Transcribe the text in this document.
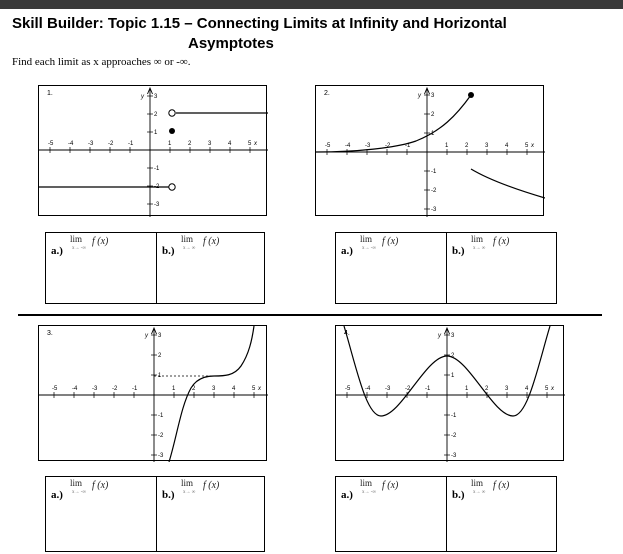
Skill Builder: Topic 1.15 – Connecting Limits at Infinity and Horizontal
Asymptotes
Find each limit as x approaches ∞ or -∞.
1.
-5 -4 -3 -2 -1	1	2	3	4	5 x
3
2
1
-1
-2
-3
y	2.
-5 -4 -3 -2 -1	1	2	3	4	5 x
3
2
1
-1
-2
-3
y
a.)
lim
x→ -∞
f (x)
b.)
lim
x→ ∞
f (x)
a.)
lim
x→ -∞
f (x)
b.)
lim
x→ ∞
f (x)
3.
-5 -4 -3 -2 -1	1	2	3	4	5 x
3
2
1
-1
-2
-3
y	4.
-5 -4 -3 -2 -1	1	2	3	4	5 x
3
2
1
-1
-2
-3
y
a.)
lim
x→ -∞
f (x)
b.)
lim
x→ ∞
f (x)
a.)
lim
x→ -∞
f (x)
b.)
lim
x→ ∞
f (x)
